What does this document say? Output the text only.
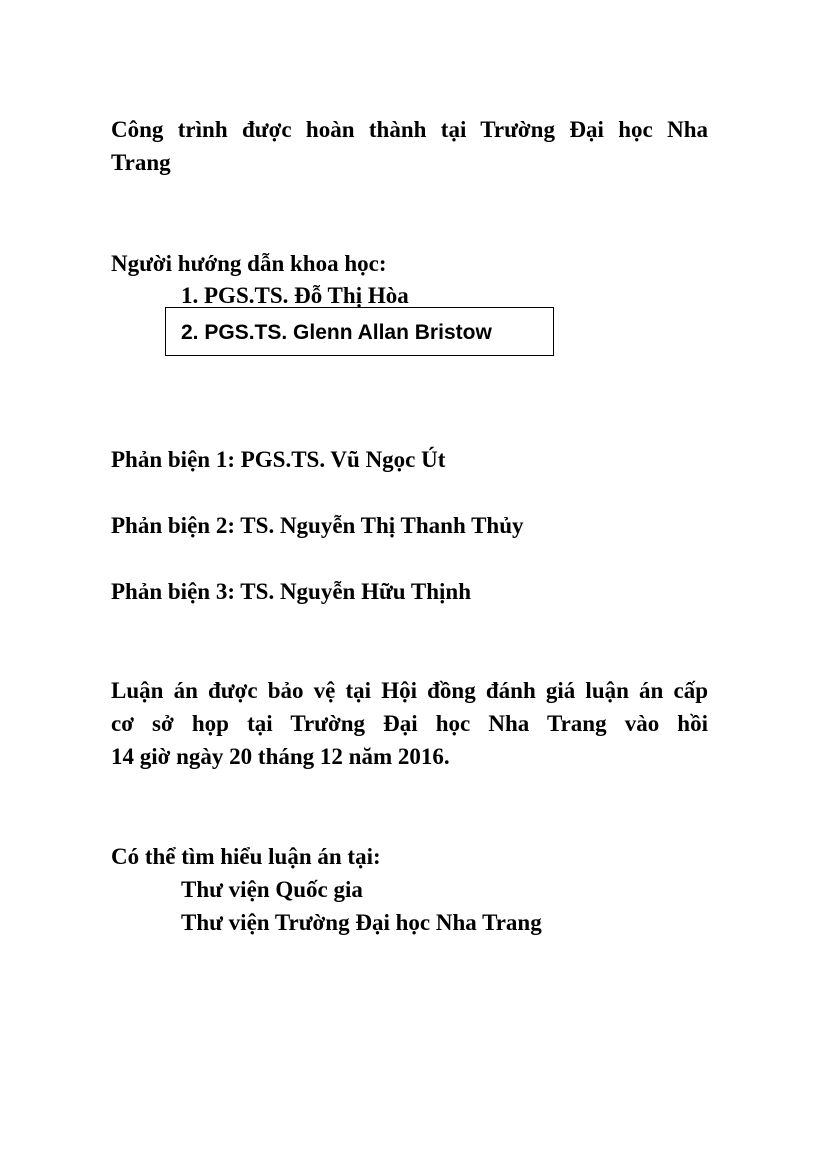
Công trình được hoàn thành tại Trường Đại học Nha
Trang
Người hướng dẫn khoa học:
1. PGS.TS. Đỗ Thị Hòa
2. PGS.TS. Glenn Allan Bristow
Phản biện 1: PGS.TS. Vũ Ngọc Út
Phản biện 2: TS. Nguyễn Thị Thanh Thủy
Phản biện 3: TS. Nguyễn Hữu Thịnh
Luận án được bảo vệ tại Hội đồng đánh giá luận án cấp
cơ sở họp tại Trường Đại học Nha Trang vào hồi
14 giờ ngày 20 tháng 12 năm 2016.
Có thể tìm hiểu luận án tại:
Thư viện Quốc gia
Thư viện Trường Đại học Nha Trang
